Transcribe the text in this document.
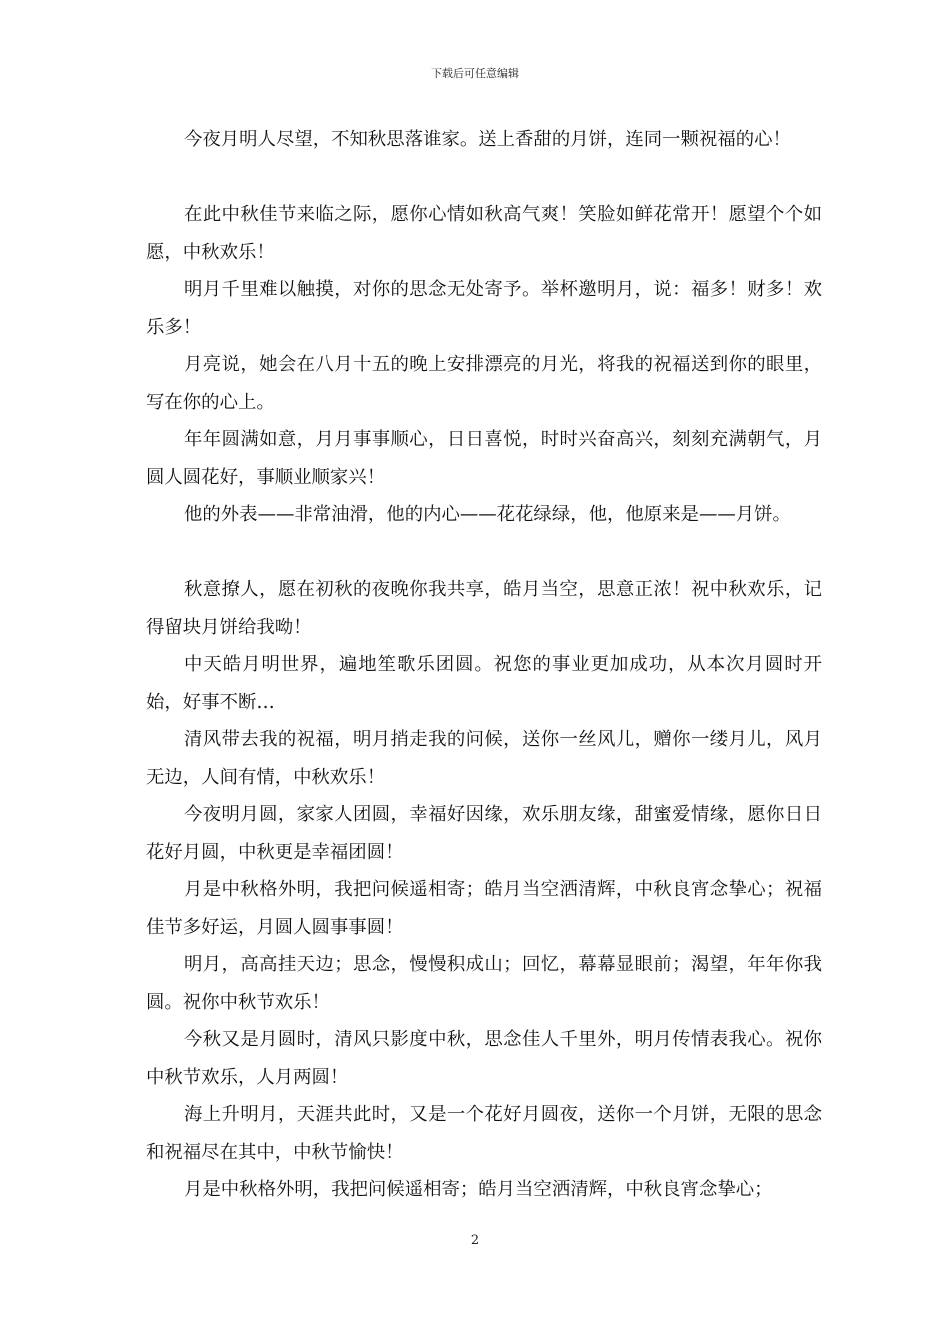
下载后可任意编辑

今夜月明人尽望，不知秋思落谁家。送上香甜的月饼，连同一颗祝福的心！

在此中秋佳节来临之际，愿你心情如秋高气爽！笑脸如鲜花常开！愿望个个如愿，中秋欢乐！

明月千里难以触摸，对你的思念无处寄予。举杯邀明月，说：福多！财多！欢乐多！

月亮说，她会在八月十五的晚上安排漂亮的月光，将我的祝福送到你的眼里，写在你的心上。

年年圆满如意，月月事事顺心，日日喜悦，时时兴奋高兴，刻刻充满朝气，月圆人圆花好，事顺业顺家兴！

他的外表——非常油滑，他的内心——花花绿绿，他，他原来是——月饼。

秋意撩人，愿在初秋的夜晚你我共享，皓月当空，思意正浓！祝中秋欢乐，记得留块月饼给我呦！

中天皓月明世界，遍地笙歌乐团圆。祝您的事业更加成功，从本次月圆时开始，好事不断…

清风带去我的祝福，明月捎走我的问候，送你一丝风儿，赠你一缕月儿，风月无边，人间有情，中秋欢乐！

今夜明月圆，家家人团圆，幸福好因缘，欢乐朋友缘，甜蜜爱情缘，愿你日日花好月圆，中秋更是幸福团圆！

月是中秋格外明，我把问候遥相寄；皓月当空洒清辉，中秋良宵念挚心；祝福佳节多好运，月圆人圆事事圆！

明月，高高挂天边；思念，慢慢积成山；回忆，幕幕显眼前；渴望，年年你我圆。祝你中秋节欢乐！

今秋又是月圆时，清风只影度中秋，思念佳人千里外，明月传情表我心。祝你中秋节欢乐，人月两圆！

海上升明月，天涯共此时，又是一个花好月圆夜，送你一个月饼，无限的思念和祝福尽在其中，中秋节愉快！

月是中秋格外明，我把问候遥相寄；皓月当空洒清辉，中秋良宵念挚心；

2
